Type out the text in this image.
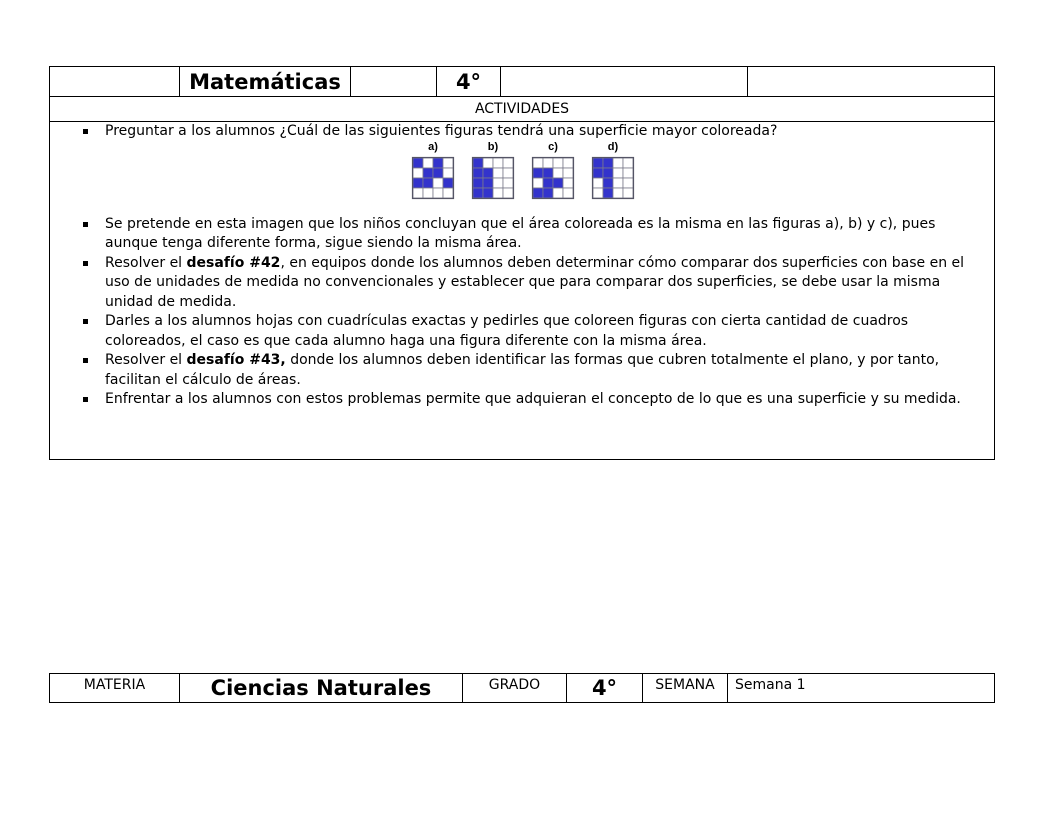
Matemáticas	4°
ACTIVIDADES
Preguntar a los alumnos ¿Cuál de las siguientes figuras tendrá una superficie mayor coloreada?
a)	b)	c)	d)
Se pretende en esta imagen que los niños concluyan que el área coloreada es la misma en las figuras a), b) y c), pues aunque tenga diferente forma, sigue siendo la misma área.
Resolver el desafío #42, en equipos donde los alumnos deben determinar cómo comparar dos superficies con base en el uso de unidades de medida no convencionales y establecer que para comparar dos superficies, se debe usar la misma unidad de medida.
Darles a los alumnos hojas con cuadrículas exactas y pedirles que coloreen figuras con cierta cantidad de cuadros coloreados, el caso es que cada alumno haga una figura diferente con la misma área.
Resolver el desafío #43, donde los alumnos deben identificar las formas que cubren totalmente el plano, y por tanto, facilitan el cálculo de áreas.
Enfrentar a los alumnos con estos problemas permite que adquieran el concepto de lo que es una superficie y su medida.
MATERIA	Ciencias Naturales	GRADO	4°	SEMANA	Semana 1
